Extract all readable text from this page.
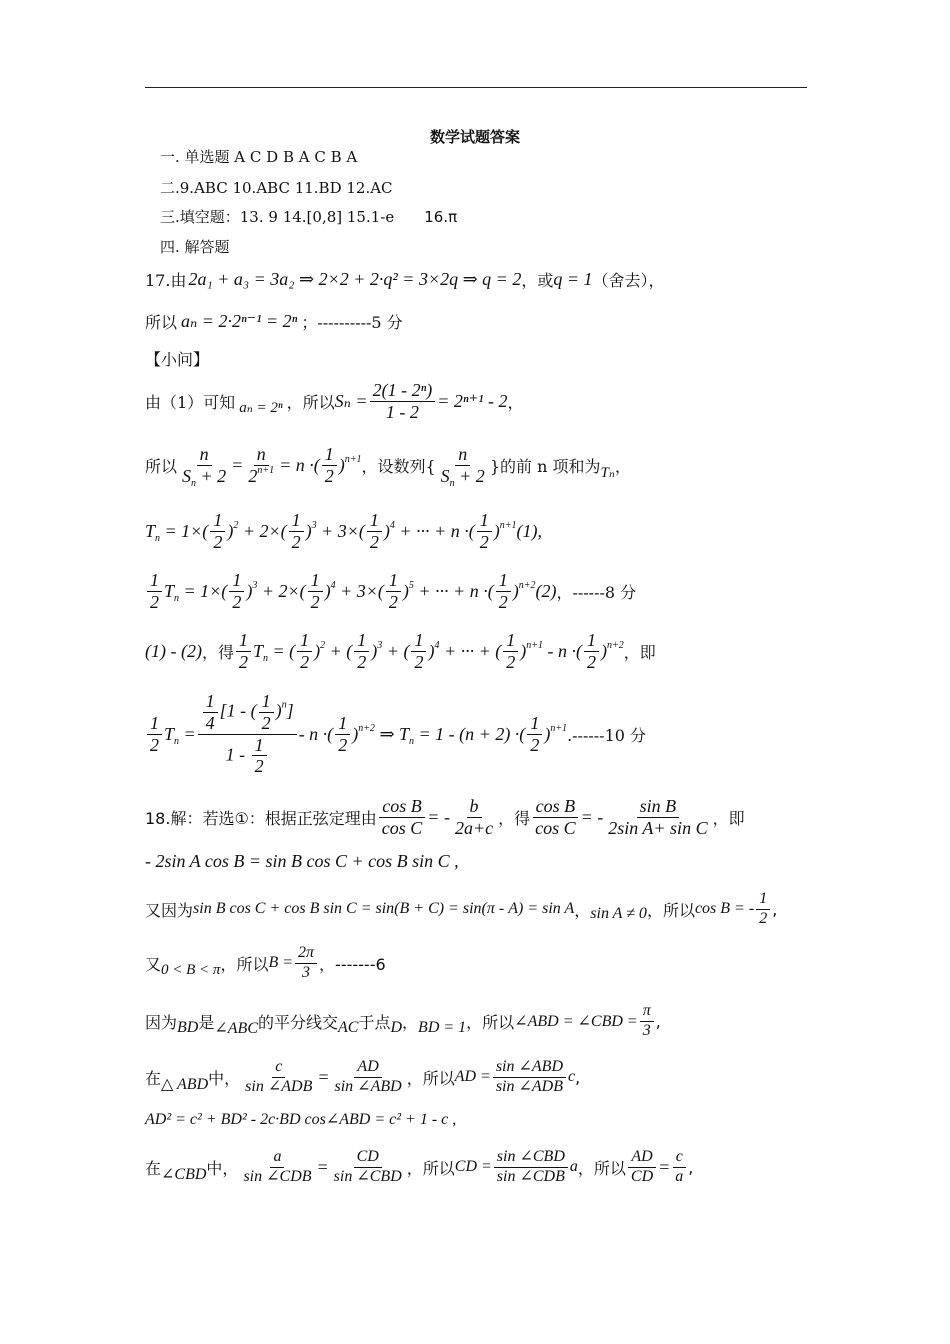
数学试题答案
一. 单选题 A C D B A C B A
二.9.ABC 10.ABC 11.BD 12.AC
三.填空题：13. 9 14.[0,8] 15.1-e 16.π
四. 解答题
17.由 2a₁ + a₃ = 3a₂ ⇒ 2×2 + 2·q² = 3×2q ⇒ q = 2 ，或 q = 1 （舍去），
所以 aₙ = 2·2ⁿ⁻¹ = 2ⁿ ；----------5 分
【小问】
由（1）可知 aₙ = 2ⁿ ，所以 $S_n = \frac{\text{2(1 - 2ⁿ)}}{1 - 2} = 2^{n+1} - 2$ ，
所以 $\frac{n}{S_n + 2} = \frac{n}{2^{n+1}} = n$ ·( $\frac{1}{2} )^{n+1}$ ，设数列{ $\frac{n}{S_n + 2}$ }的前 n 项和为 Tₙ ，
$T_n = 1\times( \frac{1}{2} )^2 + 2\times( \frac{1}{2} )^3 + 3\times( \frac{1}{2} )^4$ + ··· + n ·( $\frac{1}{2} )^{n+1}(1)$,
$\frac{1}{2} T_n = 1\times( \frac{1}{2} )^3 + 2\times( \frac{1}{2} )^4 + 3\times( \frac{1}{2} )^5$ + ··· + n ·( $\frac{1}{2} )^{n+2}(2)$ ，------8 分
(1) - (2) ，得 $\frac{1}{2} T_n$ = ( $\frac{1}{2} )^2$ + ( $\frac{1}{2} )^3$ + ( $\frac{1}{2} )^4$ + ··· + ( $\frac{1}{2} )^{n+1}$ - n ·( $\frac{1}{2} )^{n+2}$ ，即
$\frac{1}{2} T_n = \frac{\frac{1}{4} [1 - ( \frac{1}{2} )^n]}{1 - \frac{1}{2}} - n$ ·( $\frac{1}{2} )^{n+2}$ ⇒ $T_n = 1 - (n + 2)$ ·( $\frac{1}{2} )^{n+1}$ .------10 分
18.解：若选①：根据正弦定理由 $\frac{\text{cos B}}{\text{cos C}}$ = - $\frac{b}{2a+c}$ ，得 $\frac{\text{cos B}}{\text{cos C}}$ = - $\frac{\text{sin B}}{\text{2sin A+ sin C}}$ ，即
- 2sin A cos B = sin B cos C + cos B sin C ,
又因为 sin B cos C + cos B sin C = sin(B + C) = sin(π - A) = sin A ， sin A ≠ 0 ，所以 cos B = - $\frac{1}{2}$ ,
又 0 < B < π ，所以 $B = \frac{2\pi}{3}$ ，-------6
因为 BD 是 ∠ABC 的平分线交 AC 于点 D ， BD = 1 ，所以 ∠ABD = ∠CBD = $\frac{\pi}{3}$ ,
在 △ ABD 中， $\frac{c}{\text{sin ∠ADB}} = \frac{AD}{\text{sin ∠ABD}}$ ，所以 AD = $\frac{\text{sin ∠ABD}}{\text{sin ∠ADB}}$ c ,
AD² = c² + BD² - 2c·BD cos∠ABD = c² + 1 - c ,
在 ∠CBD 中， $\frac{a}{\text{sin ∠CDB}} = \frac{CD}{\text{sin ∠CBD}}$ ，所以 CD = $\frac{\text{sin ∠CBD}}{\text{sin ∠CDB}}$ a ，所以 $\frac{AD}{CD} = \frac{c}{a}$ ,
